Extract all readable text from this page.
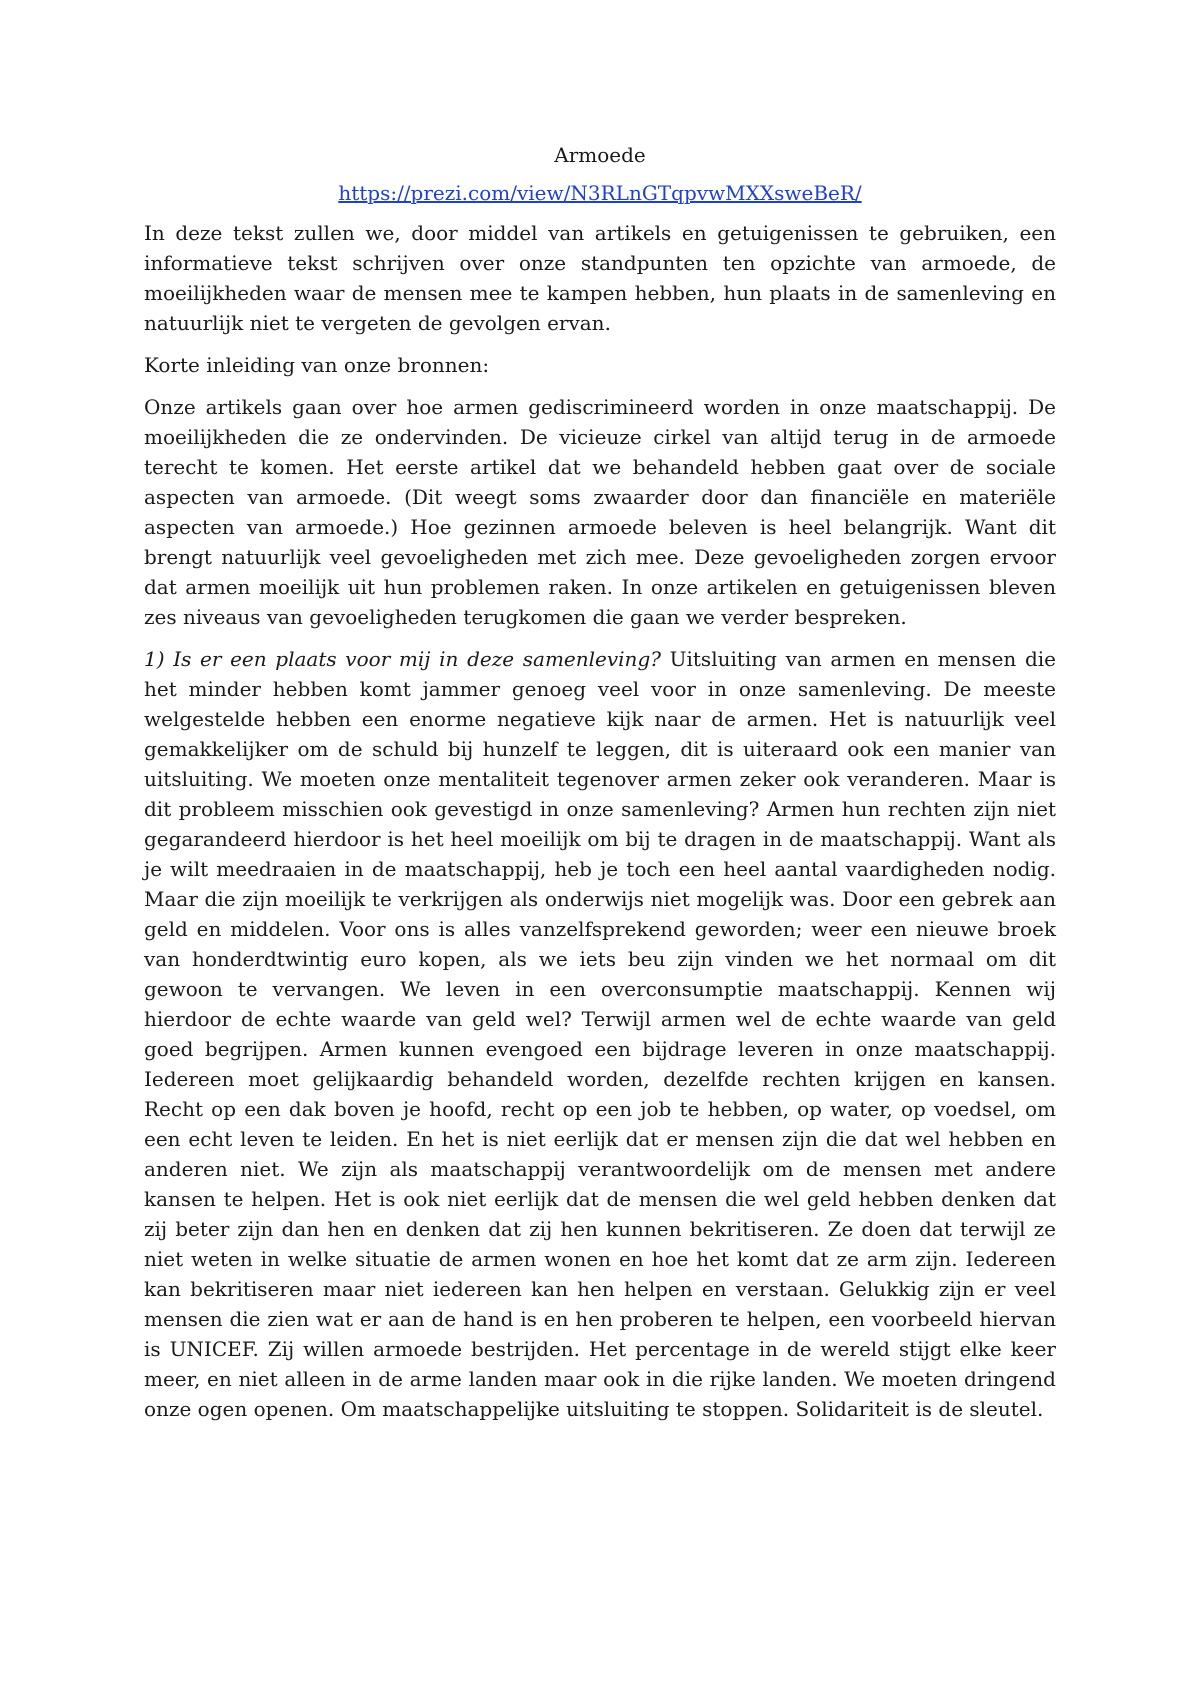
Armoede
https://prezi.com/view/N3RLnGTqpvwMXXsweBeR/

In deze tekst zullen we, door middel van artikels en getuigenissen te gebruiken, een informatieve tekst schrijven over onze standpunten ten opzichte van armoede, de moeilijkheden waar de mensen mee te kampen hebben, hun plaats in de samenleving en natuurlijk niet te vergeten de gevolgen ervan.

Korte inleiding van onze bronnen:

Onze artikels gaan over hoe armen gediscrimineerd worden in onze maatschappij. De moeilijkheden die ze ondervinden. De vicieuze cirkel van altijd terug in de armoede terecht te komen. Het eerste artikel dat we behandeld hebben gaat over de sociale aspecten van armoede. (Dit weegt soms zwaarder door dan financiële en materiële aspecten van armoede.) Hoe gezinnen armoede beleven is heel belangrijk. Want dit brengt natuurlijk veel gevoeligheden met zich mee. Deze gevoeligheden zorgen ervoor dat armen moeilijk uit hun problemen raken. In onze artikelen en getuigenissen bleven zes niveaus van gevoeligheden terugkomen die gaan we verder bespreken.

1) Is er een plaats voor mij in deze samenleving? Uitsluiting van armen en mensen die het minder hebben komt jammer genoeg veel voor in onze samenleving. De meeste welgestelde hebben een enorme negatieve kijk naar de armen. Het is natuurlijk veel gemakkelijker om de schuld bij hunzelf te leggen, dit is uiteraard ook een manier van uitsluiting. We moeten onze mentaliteit tegenover armen zeker ook veranderen. Maar is dit probleem misschien ook gevestigd in onze samenleving? Armen hun rechten zijn niet gegarandeerd hierdoor is het heel moeilijk om bij te dragen in de maatschappij. Want als je wilt meedraaien in de maatschappij, heb je toch een heel aantal vaardigheden nodig. Maar die zijn moeilijk te verkrijgen als onderwijs niet mogelijk was. Door een gebrek aan geld en middelen. Voor ons is alles vanzelfsprekend geworden; weer een nieuwe broek van honderdtwintig euro kopen, als we iets beu zijn vinden we het normaal om dit gewoon te vervangen. We leven in een overconsumptie maatschappij. Kennen wij hierdoor de echte waarde van geld wel? Terwijl armen wel de echte waarde van geld goed begrijpen. Armen kunnen evengoed een bijdrage leveren in onze maatschappij. Iedereen moet gelijkaardig behandeld worden, dezelfde rechten krijgen en kansen. Recht op een dak boven je hoofd, recht op een job te hebben, op water, op voedsel, om een echt leven te leiden. En het is niet eerlijk dat er mensen zijn die dat wel hebben en anderen niet. We zijn als maatschappij verantwoordelijk om de mensen met andere kansen te helpen. Het is ook niet eerlijk dat de mensen die wel geld hebben denken dat zij beter zijn dan hen en denken dat zij hen kunnen bekritiseren. Ze doen dat terwijl ze niet weten in welke situatie de armen wonen en hoe het komt dat ze arm zijn. Iedereen kan bekritiseren maar niet iedereen kan hen helpen en verstaan. Gelukkig zijn er veel mensen die zien wat er aan de hand is en hen proberen te helpen, een voorbeeld hiervan is UNICEF. Zij willen armoede bestrijden. Het percentage in de wereld stijgt elke keer meer, en niet alleen in de arme landen maar ook in die rijke landen. We moeten dringend onze ogen openen. Om maatschappelijke uitsluiting te stoppen. Solidariteit is de sleutel.
